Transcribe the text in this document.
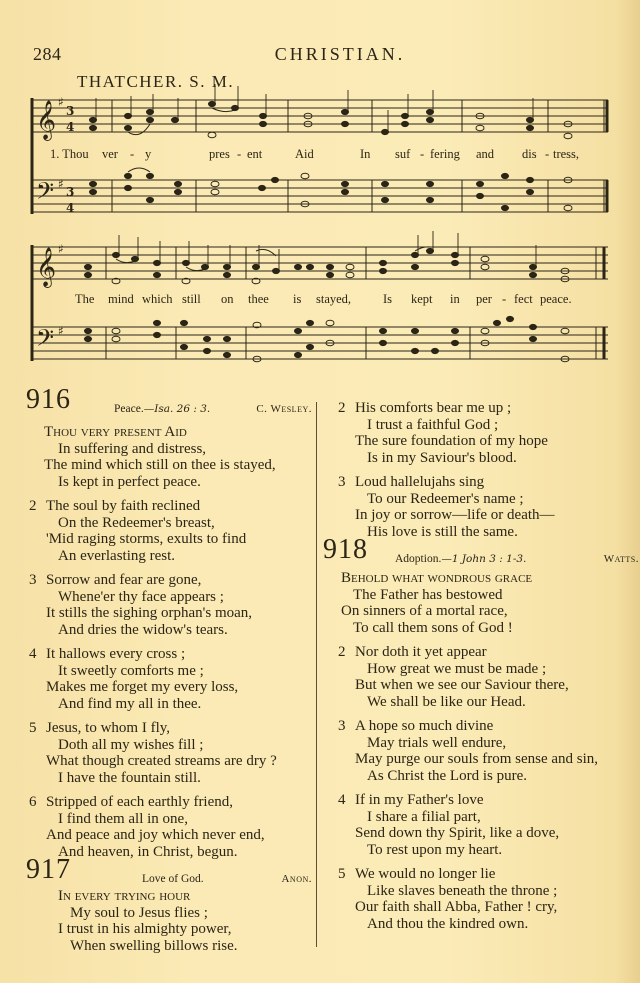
284	CHRISTIAN.
THATCHER. S. M.
𝄞
𝄢
♯
♯
3
4
3
4
𝄞
𝄢
♯
♯
1. Thou ver - y	pres - ent	Aid	In suf - fering and dis - tress,
The mind which still on thee is stayed,	Is kept in per - fect peace.
916	Peace.—Isa. 26 : 3.	C. Wesley.
Thou very present Aid
In suffering and distress,
The mind which still on thee is stayed,
Is kept in perfect peace.
2 The soul by faith reclined
On the Redeemer's breast,
'Mid raging storms, exults to find
An everlasting rest.
3 Sorrow and fear are gone,
Whene'er thy face appears ;
It stills the sighing orphan's moan,
And dries the widow's tears.
4 It hallows every cross ;
It sweetly comforts me ;
Makes me forget my every loss,
And find my all in thee.
5 Jesus, to whom I fly,
Doth all my wishes fill ;
What though created streams are dry ?
I have the fountain still.
6 Stripped of each earthly friend,
I find them all in one,
And peace and joy which never end,
And heaven, in Christ, begun.
917	Love of God.	Anon.
In every trying hour
My soul to Jesus flies ;
I trust in his almighty power,
When swelling billows rise.
2 His comforts bear me up ;
I trust a faithful God ;
The sure foundation of my hope
Is in my Saviour's blood.
3 Loud hallelujahs sing
To our Redeemer's name ;
In joy or sorrow—life or death—
His love is still the same.
918 Adoption.—1 John 3 : 1-3.	Watts.
Behold what wondrous grace
The Father has bestowed
On sinners of a mortal race,
To call them sons of God !
2 Nor doth it yet appear
How great we must be made ;
But when we see our Saviour there,
We shall be like our Head.
3 A hope so much divine
May trials well endure,
May purge our souls from sense and sin,
As Christ the Lord is pure.
4 If in my Father's love
I share a filial part,
Send down thy Spirit, like a dove,
To rest upon my heart.
5 We would no longer lie
Like slaves beneath the throne ;
Our faith shall Abba, Father ! cry,
And thou the kindred own.
